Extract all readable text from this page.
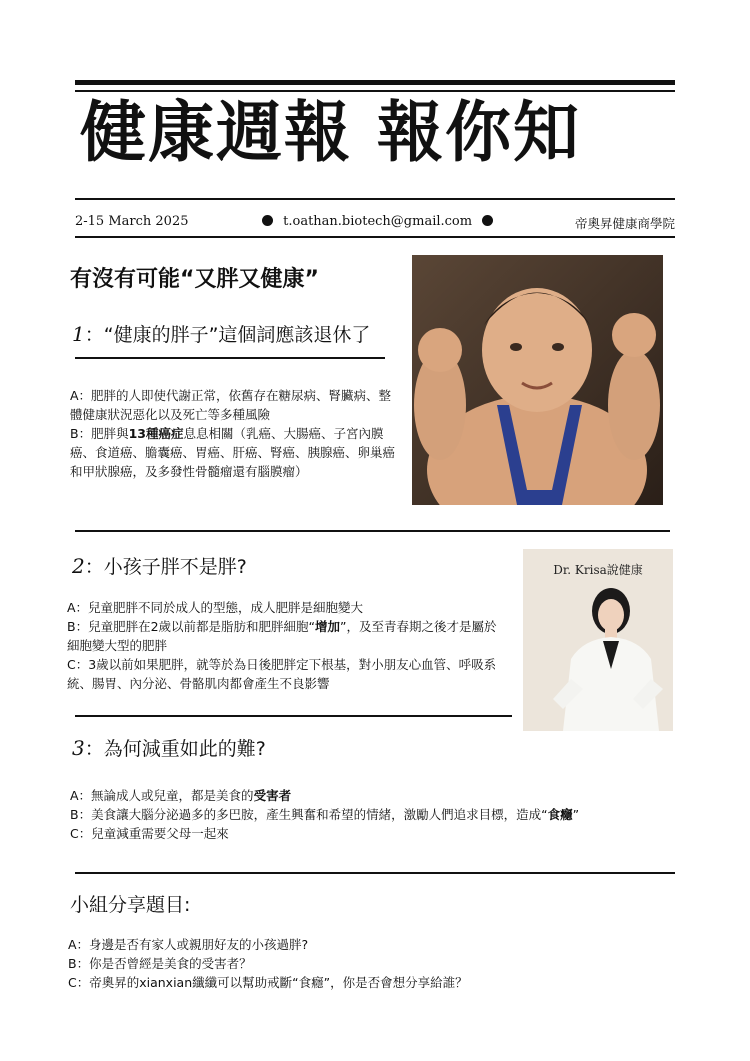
健康週報 報你知
2-15 March 2025	t.oathan.biotech@gmail.com	帝奧昇健康商學院
有沒有可能“又胖又健康”
1：“健康的胖子”這個詞應該退休了

A：肥胖的人即使代謝正常，依舊存在糖尿病、腎臟病、整體健康狀況惡化以及死亡等多種風險

B：肥胖與13種癌症息息相關（乳癌、大腸癌、子宮內膜癌、食道癌、膽囊癌、胃癌、肝癌、腎癌、胰腺癌、卵巢癌和甲狀腺癌，及多發性骨髓瘤還有腦膜瘤）

2：小孩子胖不是胖?

A：兒童肥胖不同於成人的型態，成人肥胖是細胞變大

B：兒童肥胖在2歲以前都是脂肪和肥胖細胞“增加”，及至青春期之後才是屬於細胞變大型的肥胖

C：3歲以前如果肥胖，就等於為日後肥胖定下根基，對小朋友心血管、呼吸系統、腸胃、內分泌、骨骼肌肉都會產生不良影響

Dr. Krisa說健康
3：為何減重如此的難?

A：無論成人或兒童，都是美食的受害者

B：美食讓大腦分泌過多的多巴胺，產生興奮和希望的情緒，激勵人們追求目標，造成“食癮”

C：兒童減重需要父母一起來

小組分享題目:

A：身邊是否有家人或親朋好友的小孩過胖?

B：你是否曾經是美食的受害者？

C：帝奧昇的xianxian纖纖可以幫助戒斷“食癮”，你是否會想分享給誰？
